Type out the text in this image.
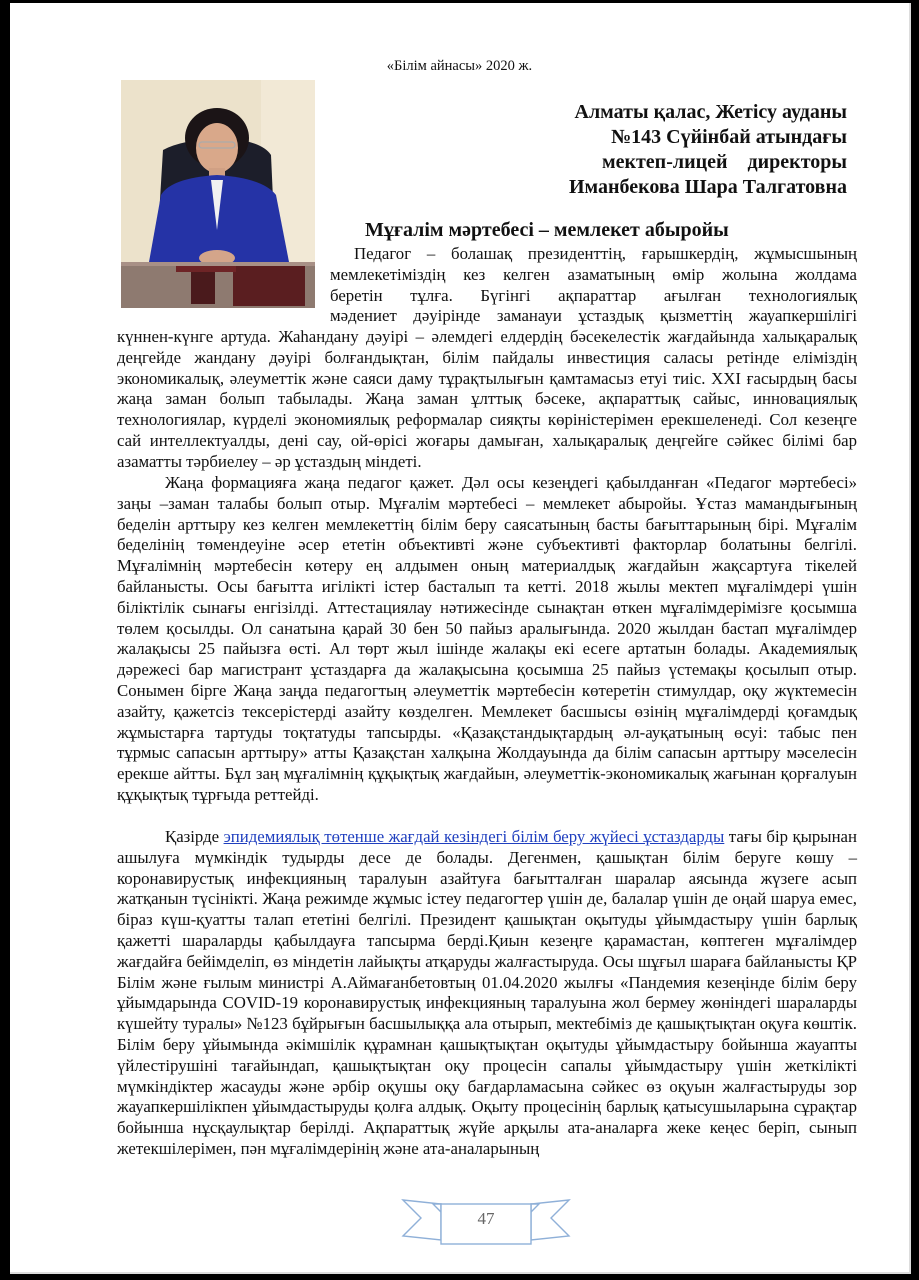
«Білім айнасы» 2020 ж.
Алматы қалас, Жетісу ауданы
№143 Сүйінбай атындағы
мектеп-лицей    директоры
Иманбекова Шара Талгатовна
Мұғалім мәртебесі – мемлекет абыройы
Педагог – болашақ президенттің, ғарышкердің, жұмысшының
мемлекетіміздің кез келген азаматының өмір жолына жолдама
беретін тұлға. Бүгінгі ақпараттар ағылған технологиялық
мәдениет дәуірінде заманауи ұстаздық қызметтің жауапкершілігі
күннен-күнге артуда. Жаһандану дәуірі – әлемдегі елдердің бәсекелестік жағдайында халықаралық деңгейде жандану дәуірі болғандықтан, білім пайдалы инвестиция саласы ретінде еліміздің экономикалық, әлеуметтік және саяси даму тұрақтылығын қамтамасыз етуі тиіс. XXI ғасырдың басы жаңа заман болып табылады. Жаңа заман ұлттық бәсеке, ақпараттық сайыс, инновациялық технологиялар, күрделі экономиялық реформалар сияқты көріністерімен ерекшеленеді. Сол кезеңге сай интеллектуалды, дені сау, ой-өрісі жоғары дамыған, халықаралық деңгейге сәйкес білімі бар азаматты тәрбиелеу – әр ұстаздың міндеті.
Жаңа формацияға жаңа педагог қажет. Дәл осы кезеңдегі қабылданған «Педагог мәртебесі» заңы –заман талабы болып отыр. Мұғалім мәртебесі – мемлекет абыройы. Ұстаз мамандығының беделін арттыру кез келген мемлекеттің білім беру саясатының басты бағыттарының бірі. Мұғалім беделінің төмендеуіне әсер ететін объективті және субъективті факторлар болатыны белгілі. Мұғалімнің мәртебесін көтеру ең алдымен оның материалдық жағдайын жақсартуға тікелей байланысты. Осы бағытта игілікті істер басталып та кетті. 2018 жылы мектеп мұғалімдері үшін біліктілік сынағы енгізілді. Аттестациялау нәтижесінде сынақтан өткен мұғалімдерімізге қосымша төлем қосылды. Ол санатына қарай 30 бен 50 пайыз аралығында. 2020 жылдан бастап мұғалімдер жалақысы 25 пайызға өсті. Ал төрт жыл ішінде жалақы екі есеге артатын болады. Академиялық дәрежесі бар магистрант ұстаздарға да жалақысына қосымша 25 пайыз үстемақы қосылып отыр. Сонымен бірге Жаңа заңда педагогтың әлеуметтік мәртебесін көтеретін стимулдар, оқу жүктемесін азайту, қажетсіз тексерістерді азайту көзделген. Мемлекет басшысы өзінің мұғалімдерді қоғамдық жұмыстарға тартуды тоқтатуды тапсырды. «Қазақстандықтардың әл-ауқатының өсуі: табыс пен тұрмыс сапасын арттыру» атты Қазақстан халқына Жолдауында да білім сапасын арттыру мәселесін ерекше айтты. Бұл заң мұғалімнің құқықтық жағдайын, әлеуметтік-экономикалық жағынан қорғалуын құқықтық тұрғыда реттейді.
Қазірде эпидемиялық төтенше жағдай кезіндегі білім беру жүйесі ұстаздарды тағы бір қырынан ашылуға мүмкіндік тудырды десе де болады. Дегенмен, қашықтан білім беруге көшу – коронавирустық инфекцияның таралуын азайтуға бағытталған шаралар аясында жүзеге асып жатқанын түсінікті. Жаңа режимде жұмыс істеу педагогтер үшін де, балалар үшін де оңай шаруа емес, біраз күш-қуатты талап ететіні белгілі. Президент қашықтан оқытуды ұйымдастыру үшін барлық қажетті шараларды қабылдауға тапсырма берді.Қиын кезеңге қарамастан, көптеген мұғалімдер жағдайға бейімделіп, өз міндетін лайықты атқаруды жалғастыруда. Осы шұғыл шараға байланысты ҚР Білім және ғылым министрі А.Аймағанбетовтың 01.04.2020 жылғы «Пандемия кезеңінде білім беру ұйымдарында COVID-19 коронавирустық инфекцияның таралуына жол бермеу жөніндегі шараларды күшейту туралы» №123 бұйрығын басшылыққа ала отырып, мектебіміз де қашықтықтан оқуға көштік. Білім беру ұйымында әкімшілік құрамнан қашықтықтан оқытуды ұйымдастыру бойынша жауапты үйлестірушіні тағайындап, қашықтықтан оқу процесін сапалы ұйымдастыру үшін жеткілікті мүмкіндіктер жасауды және әрбір оқушы оқу бағдарламасына сәйкес өз оқуын жалғастыруды зор жауапкершілікпен ұйымдастыруды қолға алдық. Оқыту процесінің барлық қатысушыларына сұрақтар бойынша нұсқаулықтар берілді. Ақпараттық жүйе арқылы ата-аналарға жеке кеңес беріп, сынып жетекшілерімен, пән мұғалімдерінің және ата-аналарының
47
